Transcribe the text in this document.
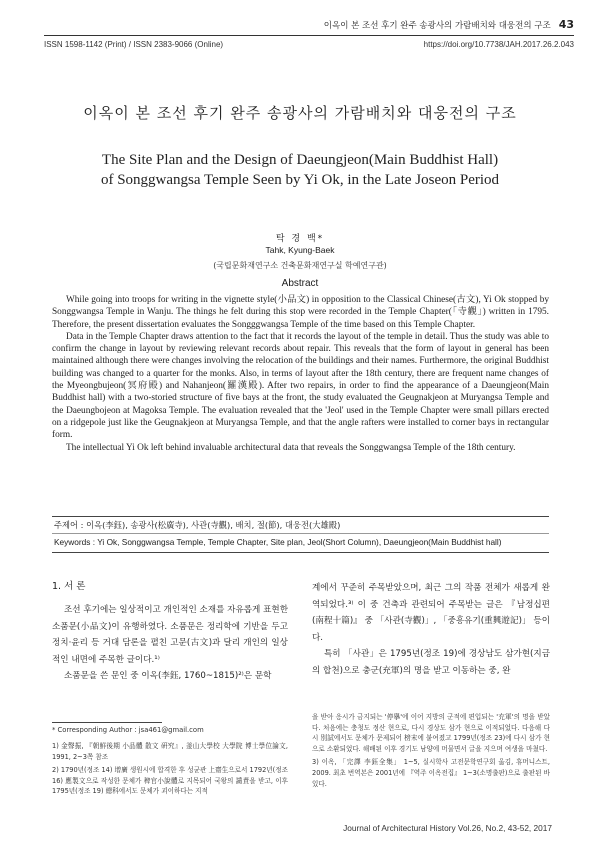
이옥이 본 조선 후기 완주 송광사의 가람배치와 대웅전의 구조 43
ISSN 1598-1142 (Print) / ISSN 2383-9066 (Online)	https://doi.org/10.7738/JAH.2017.26.2.043
이옥이 본 조선 후기 완주 송광사의 가람배치와 대웅전의 구조
The Site Plan and the Design of Daeungjeon(Main Buddhist Hall)
of Songgwangsa Temple Seen by Yi Ok, in the Late Joseon Period
탁 경 백*
Tahk, Kyung-Baek
(국립문화재연구소 건축문화재연구실 학예연구관)
Abstract

While going into troops for writing in the vignette style(小品文) in opposition to the Classical Chinese(古文), Yi Ok stopped by Songgwangsa Temple in Wanju. The things he felt during this stop were recorded in the Temple Chapter(「寺觀」) written in 1795. Therefore, the present dissertation evaluates the Songggwangsa Temple of the time based on this Temple Chapter.

Data in the Temple Chapter draws attention to the fact that it records the layout of the temple in detail. Thus the study was able to confirm the change in layout by reviewing relevant records about repair. This reveals that the form of layout in general has been maintained although there were changes involving the relocation of the buildings and their names. Furthermore, the original Buddhist building was changed to a quarter for the monks. Also, in terms of layout after the 18th century, there are frequent name changes of the Myeongbujeon(冥府殿) and Nahanjeon(羅漢殿). After two repairs, in order to find the appearance of a Daeungjeon(Main Buddhist hall) with a two-storied structure of five bays at the front, the study evaluated the Geugnakjeon at Muryangsa Temple and the Daeungbojeon at Magoksa Temple. The evaluation revealed that the 'Jeol' used in the Temple Chapter were small pillars erected on a ridgepole just like the Geugnakjeon at Muryangsa Temple, and that the angle rafters were installed to corner bays in rectangular form.

The intellectual Yi Ok left behind invaluable architectural data that reveals the Songgwangsa Temple of the 18th century.

주제어 : 이옥(李鈺), 송광사(松廣寺), 사관(寺觀), 배치, 절(節), 대웅전(大雄殿)
Keywords : Yi Ok, Songgwangsa Temple, Temple Chapter, Site plan, Jeol(Short Column), Daeungjeon(Main Buddhist hall)
1. 서 론

조선 후기에는 일상적이고 개인적인 소재를 자유롭게 표현한 소품문(小品文)이 유행하였다. 소품문은 정리학에 기반을 두고 정치·윤리 등 거대 담론을 펼친 고문(古文)과 달리 개인의 일상적인 내면에 주목한 글이다.¹⁾

소품문을 쓴 문인 중 이옥(李鈺, 1760~1815)²⁾은 문학

계에서 꾸준히 주목받았으며, 최근 그의 작품 전체가 새롭게 완역되었다.³⁾ 이 중 건축과 관련되어 주목받는 글은 『남정십편(南程十篇)』 중 「사관(寺觀)」, 「중흥유기(重興遊記)」 등이다.

특히 「사관」은 1795년(정조 19)에 경상남도 삼가현(지금의 합천)으로 충군(充軍)의 명을 받고 이동하는 중, 완

* Corresponding Author : jsa461@gmail.com

1) 金聲振, 『朝鮮後期 小品體 散文 硏究』, 釜山大學校 大學院 博士學位論文, 1991, 2~3쪽 참조

2) 1790년(정조 14) 增廣 생원시에 합격한 후 성균관 上齋生으로서 1792년(정조 16) 應製文으로 작성한 문체가 稗官小說體로 지목되어 국왕의 譴責을 받고, 이후 1795년(정조 19) 總科에서도 문체가 괴이하다는 지적

을 받아 응시가 금지되는 '停擧'에 이어 지방의 군적에 편입되는 '充軍'의 명을 받았다. 처음에는 충청도 정산 현으로, 다시 경상도 삼가 현으로 이적되었다. 다음해 다시 別試에서도 문체가 문제되어 榜末에 붙여졌고 1799년(정조 23)에 다시 삼가 현으로 소환되었다. 해배된 이후 경기도 남양에 머물면서 글을 지으며 여생을 마쳤다.

3) 이옥, 「完譯 李鈺全集」 1~5, 실시학사 고전문학연구회 옮김, 휴머니스트, 2009. 최초 번역본은 2001년에 『역주 이옥전집』 1~3(소명출판)으로 출판된 바 있다.

Journal of Architectural History Vol.26, No.2, 43-52, 2017
